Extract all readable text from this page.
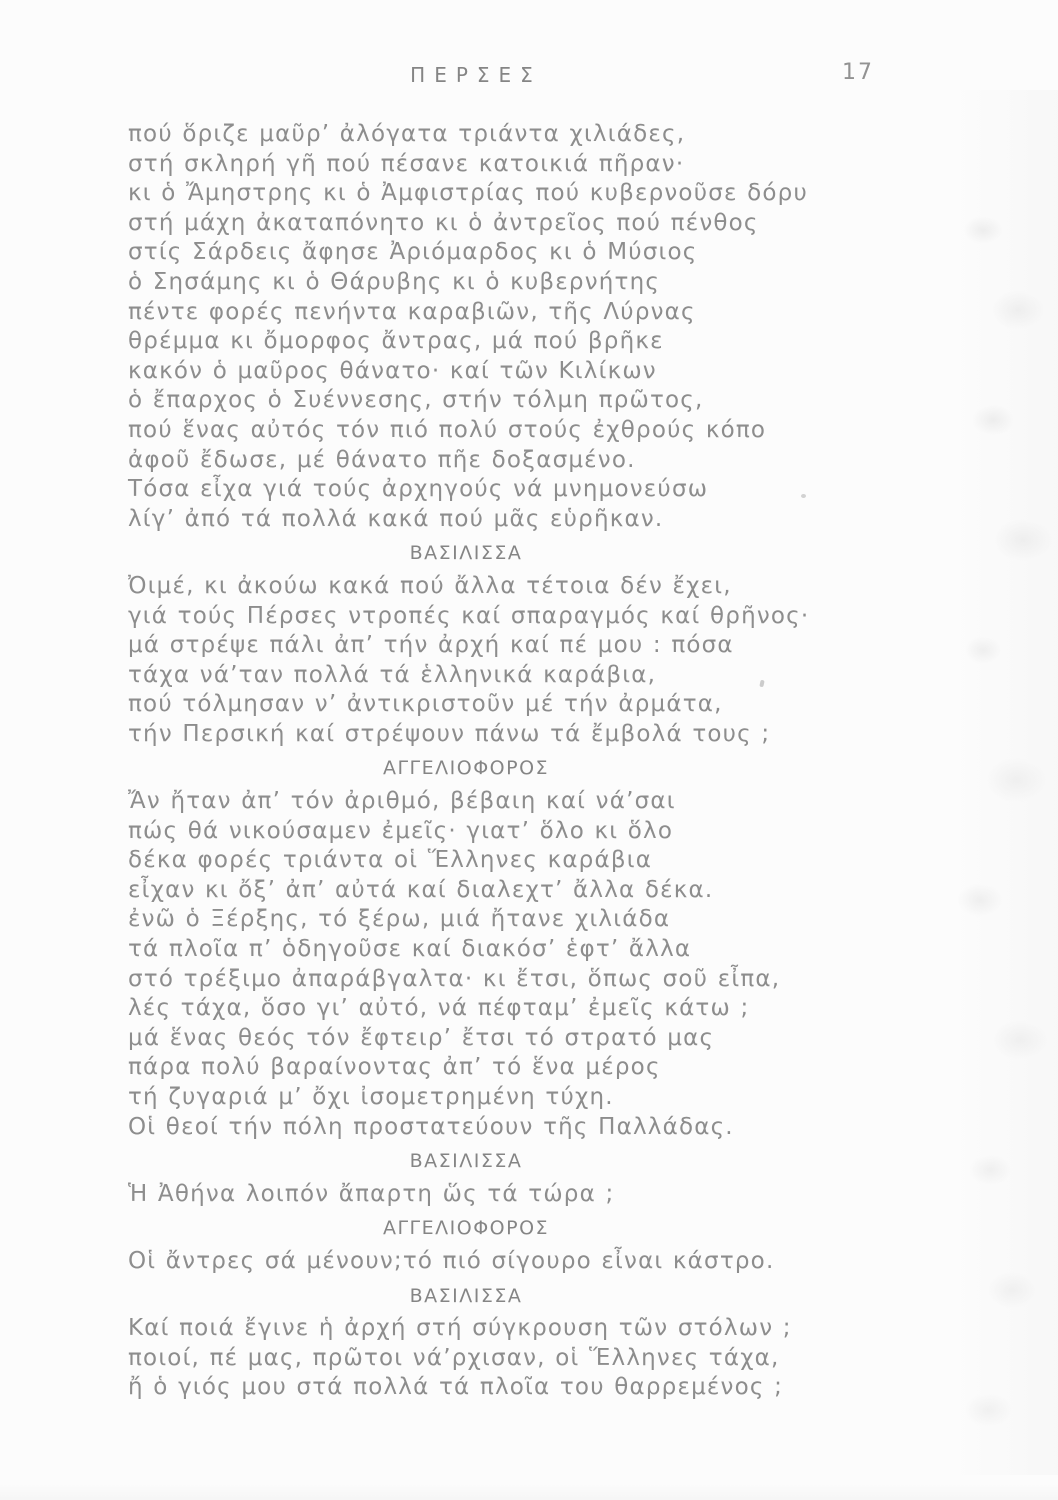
ΠΕΡΣΕΣ	17
πού ὅριζε μαῦρ’ ἀλόγατα τριάντα χιλιάδες,
στή σκληρή γῆ πού πέσανε κατοικιά πῆραν·
κι ὁ Ἄμηστρης κι ὁ Ἀμφιστρίας πού κυβερνοῦσε δόρυ
στή μάχη ἀκαταπόνητο κι ὁ ἀντρεῖος πού πένθος
στίς Σάρδεις ἄφησε Ἀριόμαρδος κι ὁ Μύσιος
ὁ Σησάμης κι ὁ Θάρυβης κι ὁ κυβερνήτης
πέντε φορές πενήντα καραβιῶν, τῆς Λύρνας
θρέμμα κι ὄμορφος ἄντρας, μά πού βρῆκε
κακόν ὁ μαῦρος θάνατο· καί τῶν Κιλίκων
ὁ ἔπαρχος ὁ Συέννεσης, στήν τόλμη πρῶτος,
πού ἕνας αὐτός τόν πιό πολύ στούς ἐχθρούς κόπο
ἀφοῦ ἔδωσε, μέ θάνατο πῆε δοξασμένο.
Τόσα εἶχα γιά τούς ἀρχηγούς νά μνημονεύσω
λίγ’ ἀπό τά πολλά κακά πού μᾶς εὑρῆκαν.
ΒΑΣΙΛΙΣΣΑ
Ὀιμέ, κι ἀκούω κακά πού ἄλλα τέτοια δέν ἔχει,
γιά τούς Πέρσες ντροπές καί σπαραγμός καί θρῆνος·
μά στρέψε πάλι ἀπ’ τήν ἀρχή καί πέ μου : πόσα
τάχα νά’ταν πολλά τά ἑλληνικά καράβια,
πού τόλμησαν ν’ ἀντικριστοῦν μέ τήν ἀρμάτα,
τήν Περσική καί στρέψουν πάνω τά ἔμβολά τους ;
ΑΓΓΕΛΙΟΦΟΡΟΣ
Ἄν ἤταν ἀπ’ τόν ἀριθμό, βέβαιη καί νά’σαι
πώς θά νικούσαμεν ἐμεῖς· γιατ’ ὅλο κι ὅλο
δέκα φορές τριάντα οἱ Ἕλληνες καράβια
εἶχαν κι ὄξ’ ἀπ’ αὐτά καί διαλεχτ’ ἄλλα δέκα.
ἐνῶ ὁ Ξέρξης, τό ξέρω, μιά ἤτανε χιλιάδα
τά πλοῖα π’ ὁδηγοῦσε καί διακόσ’ ἑφτ’ ἄλλα
στό τρέξιμο ἀπαράβγαλτα· κι ἔτσι, ὅπως σοῦ εἶπα,
λές τάχα, ὅσο γι’ αὐτό, νά πέφταμ’ ἐμεῖς κάτω ;
μά ἕνας θεός τόν ἔφτειρ’ ἔτσι τό στρατό μας
πάρα πολύ βαραίνοντας ἀπ’ τό ἕνα μέρος
τή ζυγαριά μ’ ὄχι ἰσομετρημένη τύχη.
Οἱ θεοί τήν πόλη προστατεύουν τῆς Παλλάδας.
ΒΑΣΙΛΙΣΣΑ
Ἡ Ἀθήνα λοιπόν ἄπαρτη ὥς τά τώρα ;
ΑΓΓΕΛΙΟΦΟΡΟΣ
Οἱ ἄντρες σά μένουν;τό πιό σίγουρο εἶναι κάστρο.
ΒΑΣΙΛΙΣΣΑ
Καί ποιά ἔγινε ἡ ἀρχή στή σύγκρουση τῶν στόλων ;
ποιοί, πέ μας, πρῶτοι νά’ρχισαν, οἱ Ἕλληνες τάχα,
ἤ ὁ γιός μου στά πολλά τά πλοῖα του θαρρεμένος ;
